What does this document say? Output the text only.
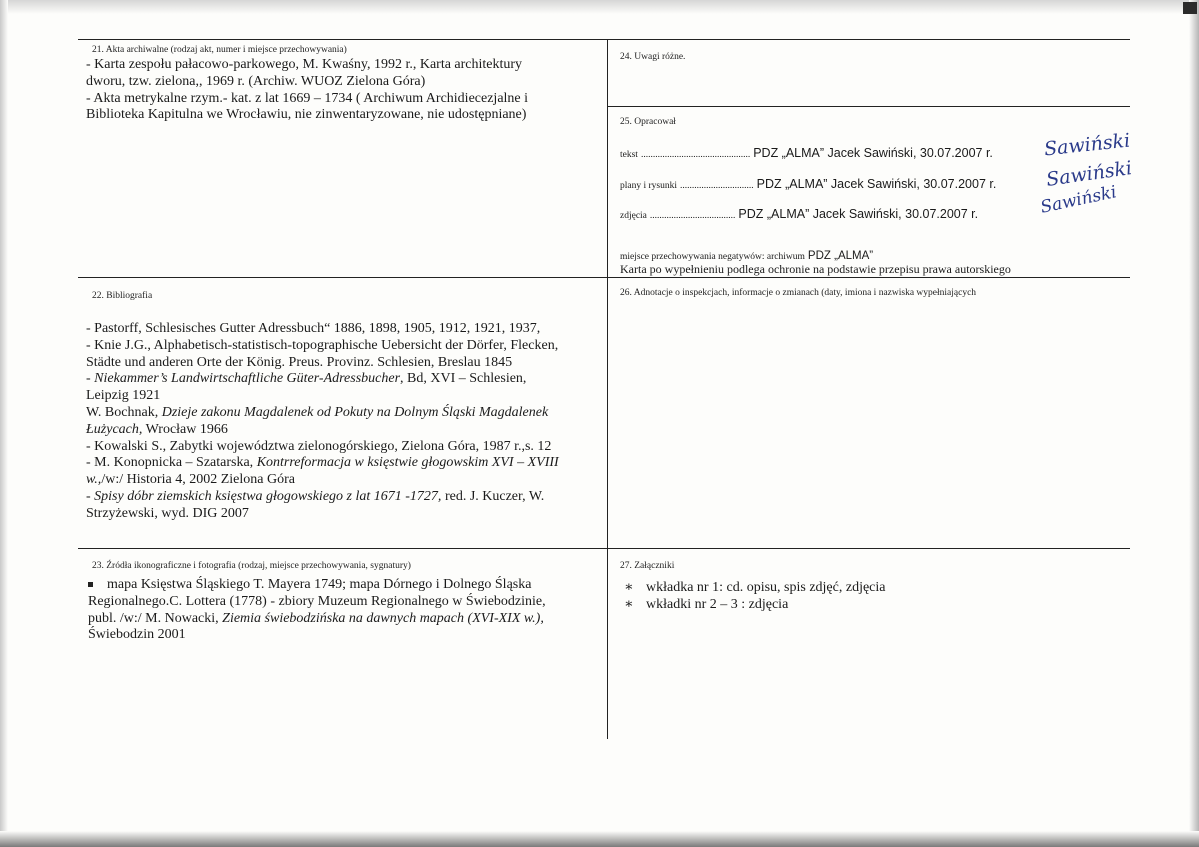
21. Akta archiwalne (rodzaj akt, numer i miejsce przechowywania)

- Karta zespołu pałacowo-parkowego, M. Kwaśny, 1992 r., Karta architektury

dworu, tzw. zielona,, 1969 r. (Archiw. WUOZ Zielona Góra)

- Akta metrykalne rzym.- kat. z lat 1669 – 1734 ( Archiwum Archidiecezjalne i

Biblioteka Kapitulna we Wrocławiu, nie zinwentaryzowane, nie udostępniane)

24. Uwagi różne.
25. Opracował
tekst .............................................. PDZ „ALMA” Jacek Sawiński, 30.07.2007 r.
plany i rysunki ............................... PDZ „ALMA” Jacek Sawiński, 30.07.2007 r.
zdjęcia .................................... PDZ „ALMA” Jacek Sawiński, 30.07.2007 r.
Sawiński
Sawiński
Sawiński
miejsce przechowywania negatywów: archiwum PDZ „ALMA”
Karta po wypełnieniu podlega ochronie na podstawie przepisu prawa autorskiego
22. Bibliografia

- Pastorff, Schlesisches Gutter Adressbuch“ 1886, 1898, 1905, 1912, 1921, 1937,

- Knie J.G., Alphabetisch-statistisch-topographische Uebersicht der Dörfer, Flecken,

Städte und anderen Orte der König. Preus. Provinz. Schlesien, Breslau 1845

- Niekammer’s Landwirtschaftliche Güter-Adressbucher, Bd, XVI – Schlesien,

Leipzig 1921

W. Bochnak, Dzieje zakonu Magdalenek od Pokuty na Dolnym Śląski Magdalenek

Łużycach, Wrocław 1966

- Kowalski S., Zabytki województwa zielonogórskiego, Zielona Góra, 1987 r.,s. 12

- M. Konopnicka – Szatarska, Kontrreformacja w księstwie głogowskim XVI – XVIII

w.,/w:/ Historia 4, 2002 Zielona Góra

- Spisy dóbr ziemskich księstwa głogowskiego z lat 1671 -1727, red. J. Kuczer, W.

Strzyżewski, wyd. DIG 2007

26. Adnotacje o inspekcjach, informacje o zmianach (daty, imiona i nazwiska wypełniających
23. Źródła ikonograficzne i fotografia (rodzaj, miejsce przechowywania, sygnatury)

mapa Księstwa Śląskiego T. Mayera 1749; mapa Dórnego i Dolnego Śląska

Regionalnego.C. Lottera (1778) - zbiory Muzeum Regionalnego w Świebodzinie,

publ. /w:/ M. Nowacki, Ziemia świebodzińska na dawnych mapach (XVI-XIX w.),

Świebodzin 2001

27. Załączniki

∗ wkładka nr 1: cd. opisu, spis zdjęć, zdjęcia

∗ wkładki nr 2 – 3 : zdjęcia
